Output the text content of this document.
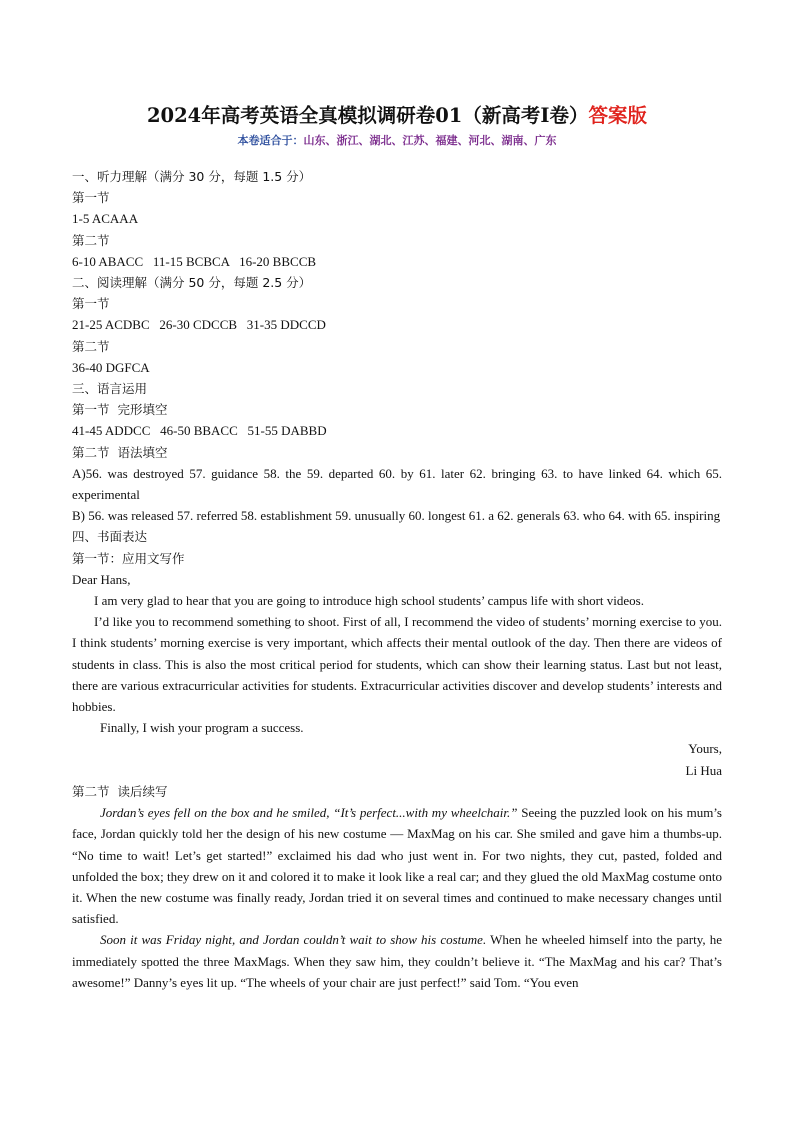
2024年高考英语全真模拟调研卷01（新高考I卷）答案版
本卷适合于：山东、浙江、湖北、江苏、福建、河北、湖南、广东
一、听力理解（满分 30 分，每题 1.5 分）
第一节
1-5 ACAAA
第二节
6-10 ABACC   11-15 BCBCA   16-20 BBCCB
二、阅读理解（满分 50 分，每题 2.5 分）
第一节
21-25 ACDBC   26-30 CDCCB   31-35 DDCCD
第二节
36-40 DGFCA
三、语言运用
第一节  完形填空
41-45 ADDCC   46-50 BBACC   51-55 DABBD
第二节  语法填空
A)56. was destroyed 57. guidance 58. the 59. departed 60. by 61. later 62. bringing 63. to have linked 64. which 65. experimental
B) 56. was released 57. referred 58. establishment 59. unusually 60. longest 61. a 62. generals 63. who 64. with 65. inspiring
四、书面表达
第一节：应用文写作
Dear Hans,
I am very glad to hear that you are going to introduce high school students’ campus life with short videos.
I’d like you to recommend something to shoot. First of all, I recommend the video of students’ morning exercise to you. I think students’ morning exercise is very important, which affects their mental outlook of the day. Then there are videos of students in class. This is also the most critical period for students, which can show their learning status. Last but not least, there are various extracurricular activities for students. Extracurricular activities discover and develop students’ interests and hobbies.
Finally, I wish your program a success.
Yours,
Li Hua
第二节  读后续写
Jordan’s eyes fell on the box and he smiled, “It’s perfect...with my wheelchair.” Seeing the puzzled look on his mum’s face, Jordan quickly told her the design of his new costume — MaxMag on his car. She smiled and gave him a thumbs-up. “No time to wait! Let’s get started!” exclaimed his dad who just went in. For two nights, they cut, pasted, folded and unfolded the box; they drew on it and colored it to make it look like a real car; and they glued the old MaxMag costume onto it. When the new costume was finally ready, Jordan tried it on several times and continued to make necessary changes until satisfied.
Soon it was Friday night, and Jordan couldn’t wait to show his costume. When he wheeled himself into the party, he immediately spotted the three MaxMags. When they saw him, they couldn’t believe it. “The MaxMag and his car? That’s awesome!” Danny’s eyes lit up. “The wheels of your chair are just perfect!” said Tom. “You even
